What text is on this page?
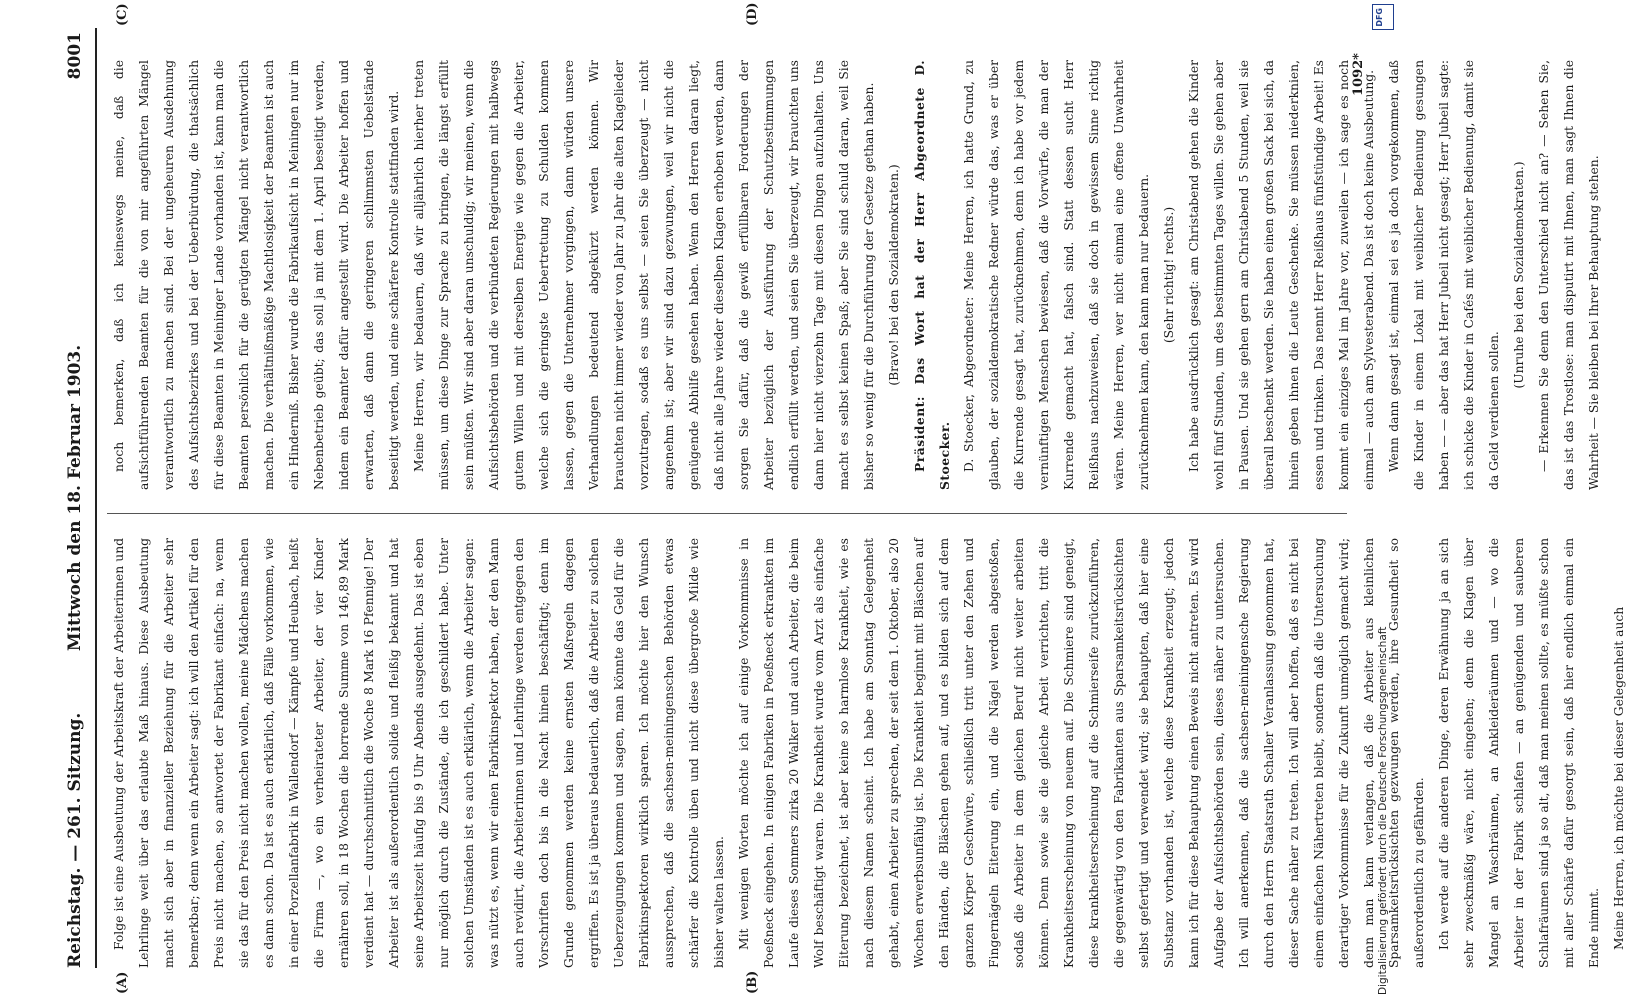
Reichstag. — 261. Sitzung.
Mittwoch den 18. Februar 1903.
8001
(A)	(B)
(C)	(D)

Folge ist eine Ausbeutung der Arbeitskraft der Arbeiterinnen und Lehrlinge weit über das erlaubte Maß hinaus. Diese Ausbeutung macht sich aber in finanzieller Beziehung für die Arbeiter sehr bemerkbar; denn wenn ein Arbeiter sagt: ich will den Artikel für den Preis nicht machen, so antwortet der Fabrikant einfach: na, wenn sie das für den Preis nicht machen wollen, meine Mädchens machen es dann schon. Da ist es auch erklärlich, daß Fälle vorkommen, wie in einer Porzellanfabrik in Wallendorf — Kämpfe und Heubach, heißt die Firma —, wo ein verheirateter Arbeiter, der vier Kinder ernähren soll, in 18 Wochen die horrende Summe von 146,89 Mark verdient hat — durchschnittlich die Woche 8 Mark 16 Pfennige! Der Arbeiter ist als außerordentlich solide und fleißig bekannt und hat seine Arbeitszeit häufig bis 9 Uhr Abends ausgedehnt. Das ist eben nur möglich durch die Zustände, die ich geschildert habe. Unter solchen Umständen ist es auch erklärlich, wenn die Arbeiter sagen: was nützt es, wenn wir einen Fabrikinspektor haben, der den Mann auch revidirt, die Arbeiterinnen und Lehrlinge werden entgegen den Vorschriften doch bis in die Nacht hinein beschäftigt; denn im Grunde genommen werden keine ernsten Maßregeln dagegen ergriffen. Es ist ja überaus bedauerlich, daß die Arbeiter zu solchen Ueberzeugungen kommen und sagen, man könnte das Geld für die Fabrikinspektoren wirklich sparen. Ich möchte hier den Wunsch aussprechen, daß die sachsen-meiningenschen Behörden etwas schärfer die Kontrolle üben und nicht diese übergroße Milde wie bisher walten lassen. Mit wenigen Worten möchte ich auf einige Vorkommnisse in Poeßneck eingehen. In einigen Fabriken in Poeßneck erkrankten im Laufe dieses Sommers zirka 20 Walker und auch Arbeiter, die beim Wolf beschäftigt waren. Die Krankheit wurde vom Arzt als einfache Eiterung bezeichnet, ist aber keine so harmlose Krankheit, wie es nach diesem Namen scheint. Ich habe am Sonntag Gelegenheit gehabt, einen Arbeiter zu sprechen, der seit dem 1. Oktober, also 20 Wochen erwerbsunfähig ist. Die Krankheit beginnt mit Bläschen auf den Händen, die Bläschen gehen auf, und es bilden sich auf dem ganzen Körper Geschwüre, schließlich tritt unter den Zehen und Fingernägeln Eiterung ein, und die Nägel werden abgestoßen, sodaß die Arbeiter in dem gleichen Beruf nicht weiter arbeiten können. Denn sowie sie die gleiche Arbeit verrichten, tritt die Krankheitserscheinung von neuem auf. Die Schmiere sind geneigt, diese krankheitserscheinung auf die Schmierseife zurückzuführen, die gegenwärtig von den Fabrikanten aus Sparsamkeitsrücksichten selbst gefertigt und verwendet wird; sie behaupten, daß hier eine Substanz vorhanden ist, welche diese Krankheit erzeugt; jedoch kann ich für diese Behauptung einen Beweis nicht antreten. Es wird Aufgabe der Aufsichtsbehörden sein, dieses näher zu untersuchen. Ich will anerkennen, daß die sachsen-meiningensche Regierung durch den Herrn Staatsrath Schaller Veranlassung genommen hat, dieser Sache näher zu treten. Ich will aber hoffen, daß es nicht bei einem einfachen Nähertreten bleibt, sondern daß die Untersuchung derartiger Vorkommnisse für die Zukunft unmöglich gemacht wird; denn man kann verlangen, daß die Arbeiter aus kleinlichen Sparsamkeitsrücksichten gezwungen werden, ihre Gesundheit so außerordentlich zu gefährden. Ich werde auf die anderen Dinge, deren Erwähnung ja an sich sehr zweckmäßig wäre, nicht eingehen; denn die Klagen über Mangel an Waschräumen, an Ankleideräumen und — wo die Arbeiter in der Fabrik schlafen — an genügenden und sauberen Schlafräumen sind ja so alt, daß man meinen sollte, es müßte schon mit aller Schärfe dafür gesorgt sein, daß hier endlich einmal ein Ende nimmt. Meine Herren, ich möchte bei dieser Gelegenheit auch

noch bemerken, daß ich keineswegs meine, daß die aufsichtführenden Beamten für die von mir angeführten Mängel verantwortlich zu machen sind. Bei der ungeheuren Ausdehnung des Aufsichtsbezirkes und bei der Ueberbürdung, die thatsächlich für diese Beamten in Meininger Lande vorhanden ist, kann man die Beamten persönlich für die gerügten Mängel nicht verantwortlich machen. Die verhältnißmäßige Machtlosigkeit der Beamten ist auch ein Hinderniß. Bisher wurde die Fabrikaufsicht in Meiningen nur im Nebenbetrieb geübt; das soll ja mit dem 1. April beseitigt werden, indem ein Beamter dafür angestellt wird. Die Arbeiter hoffen und erwarten, daß dann die geringeren schlimmsten Uebelstände beseitigt werden, und eine schärfere Kontrolle stattfinden wird. Meine Herren, wir bedauern, daß wir alljährlich hierher treten müssen, um diese Dinge zur Sprache zu bringen, die längst erfüllt sein müßten. Wir sind aber daran unschuldig; wir meinen, wenn die Aufsichtsbehörden und die verbündeten Regierungen mit halbwegs gutem Willen und mit derselben Energie wie gegen die Arbeiter, welche sich die geringste Uebertretung zu Schulden kommen lassen, gegen die Unternehmer vorgingen, dann würden unsere Verhandlungen bedeutend abgekürzt werden können. Wir brauchten nicht immer wieder von Jahr zu Jahr die alten Klagelieder vorzutragen, sodaß es uns selbst — seien Sie überzeugt — nicht angenehm ist; aber wir sind dazu gezwungen, weil wir nicht die genügende Abhilfe gesehen haben. Wenn den Herren daran liegt, daß nicht alle Jahre wieder dieselben Klagen erhoben werden, dann sorgen Sie dafür, daß die gewiß erfüllbaren Forderungen der Arbeiter bezüglich der Ausführung der Schutzbestimmungen endlich erfüllt werden, und seien Sie überzeugt, wir brauchten uns dann hier nicht vierzehn Tage mit diesen Dingen aufzuhalten. Uns macht es selbst keinen Spaß; aber Sie sind schuld daran, weil Sie bisher so wenig für die Durchführung der Gesetze gethan haben. (Bravo! bei den Sozialdemokraten.) Präsident: Das Wort hat der Herr Abgeordnete D. Stoecker. D. Stoecker, Abgeordneter: Meine Herren, ich hatte Grund, zu glauben, der sozialdemokratische Redner würde das, was er über die Kurrende gesagt hat, zurücknehmen, denn ich habe vor jedem vernünftigen Menschen bewiesen, daß die Vorwürfe, die man der Kurrende gemacht hat, falsch sind. Statt dessen sucht Herr Reißhaus nachzuweisen, daß sie doch in gewissem Sinne richtig wären. Meine Herren, wer nicht einmal eine offene Unwahrheit zurücknehmen kann, den kann man nur bedauern. (Sehr richtig! rechts.) Ich habe ausdrücklich gesagt: am Christabend gehen die Kinder wohl fünf Stunden, um des bestimmten Tages willen. Sie gehen aber in Pausen. Und sie gehen gern am Christabend 5 Stunden, weil sie überall beschenkt werden. Sie haben einen großen Sack bei sich, da hinein geben ihnen die Leute Geschenke. Sie müssen niederknien, essen und trinken. Das nennt Herr Reißhaus fünfstündige Arbeit! Es kommt ein einziges Mal im Jahre vor, zuweilen — ich sage es noch einmal — auch am Sylvesterabend. Das ist doch keine Ausbeutung. Wenn dann gesagt ist, einmal sei es ja doch vorgekommen, daß die Kinder in einem Lokal mit weiblicher Bedienung gesungen haben — — aber das hat Herr Jubeil nicht gesagt; Herr Jubeil sagte: ich schicke die Kinder in Cafés mit weiblicher Bedienung, damit sie da Geld verdienen sollen.

(Unruhe bei den Sozialdemokraten.) — Erkennen Sie denn den Unterschied nicht an? — Sehen Sie, das ist das Trostlose: man disputirt mit Ihnen, man sagt Ihnen die Wahrheit — Sie bleiben bei Ihrer Behauptung stehen.

1092*
DFG
Digitalisierung gefördert durch die Deutsche Forschungsgemeinschaft
